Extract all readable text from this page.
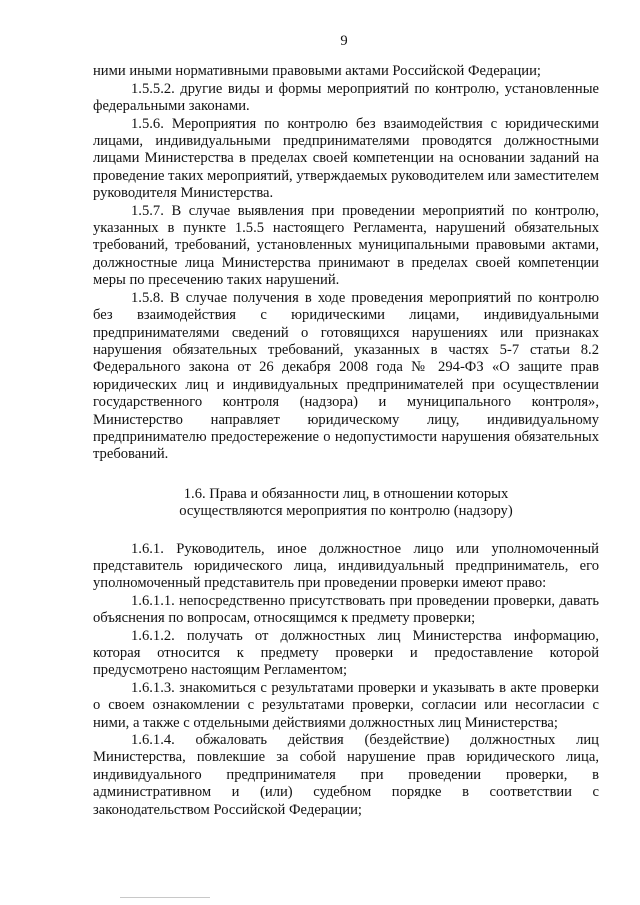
9

ними иными нормативными правовыми актами Российской Федерации;

1.5.5.2. другие виды и формы мероприятий по контролю, установленные федеральными законами.

1.5.6. Мероприятия по контролю без взаимодействия с юридическими лицами, индивидуальными предпринимателями проводятся должностными лицами Министерства в пределах своей компетенции на основании заданий на проведение таких мероприятий, утверждаемых руководителем или заместителем руководителя Министерства.

1.5.7. В случае выявления при проведении мероприятий по контролю, указанных в пункте 1.5.5 настоящего Регламента, нарушений обязательных требований, требований, установленных муниципальными правовыми актами, должностные лица Министерства принимают в пределах своей компетенции меры по пресечению таких нарушений.

1.5.8. В случае получения в ходе проведения мероприятий по контролю без взаимодействия с юридическими лицами, индивидуальными предпринимателями сведений о готовящихся нарушениях или признаках нарушения обязательных требований, указанных в частях 5-7 статьи 8.2 Федерального закона от 26 декабря 2008 года № 294-ФЗ «О защите прав юридических лиц и индивидуальных предпринимателей при осуществлении государственного контроля (надзора) и муниципального контроля», Министерство направляет юридическому лицу, индивидуальному предпринимателю предостережение о недопустимости нарушения обязательных требований.

1.6. Права и обязанности лиц, в отношении которых
осуществляются мероприятия по контролю (надзору)

1.6.1. Руководитель, иное должностное лицо или уполномоченный представитель юридического лица, индивидуальный предприниматель, его уполномоченный представитель при проведении проверки имеют право:

1.6.1.1. непосредственно присутствовать при проведении проверки, давать объяснения по вопросам, относящимся к предмету проверки;

1.6.1.2. получать от должностных лиц Министерства информацию, которая относится к предмету проверки и предоставление которой предусмотрено настоящим Регламентом;

1.6.1.3. знакомиться с результатами проверки и указывать в акте проверки о своем ознакомлении с результатами проверки, согласии или несогласии с ними, а также с отдельными действиями должностных лиц Министерства;

1.6.1.4. обжаловать действия (бездействие) должностных лиц Министерства, повлекшие за собой нарушение прав юридического лица, индивидуального предпринимателя при проведении проверки, в административном и (или) судебном порядке в соответствии с законодательством Российской Федерации;
